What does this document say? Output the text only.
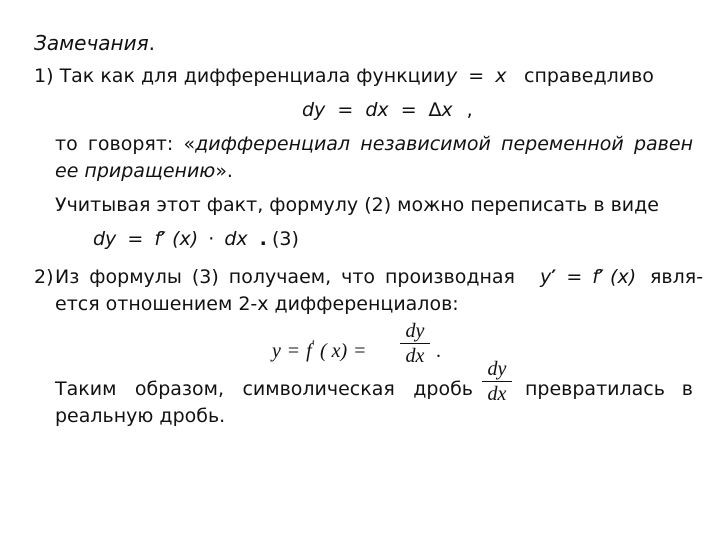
Замечания.
1) Так как для дифференциала функции y = x справедливо
dy = dx = ∆x ,
то говорят: «дифференциал независимой переменной равен
ее приращению».
Учитывая этот факт, формулу (2) можно переписать в виде
dy = f′ (x) · dx . (3)
2) Из формулы (3) получаем, что производная y′ = f′ (x) явля-
ется отношением 2-х дифференциалов:
y = f′ ( x) =
dy
dx .
Таким образом, символическая дробь
dy
dx превратилась в
реальную дробь.
